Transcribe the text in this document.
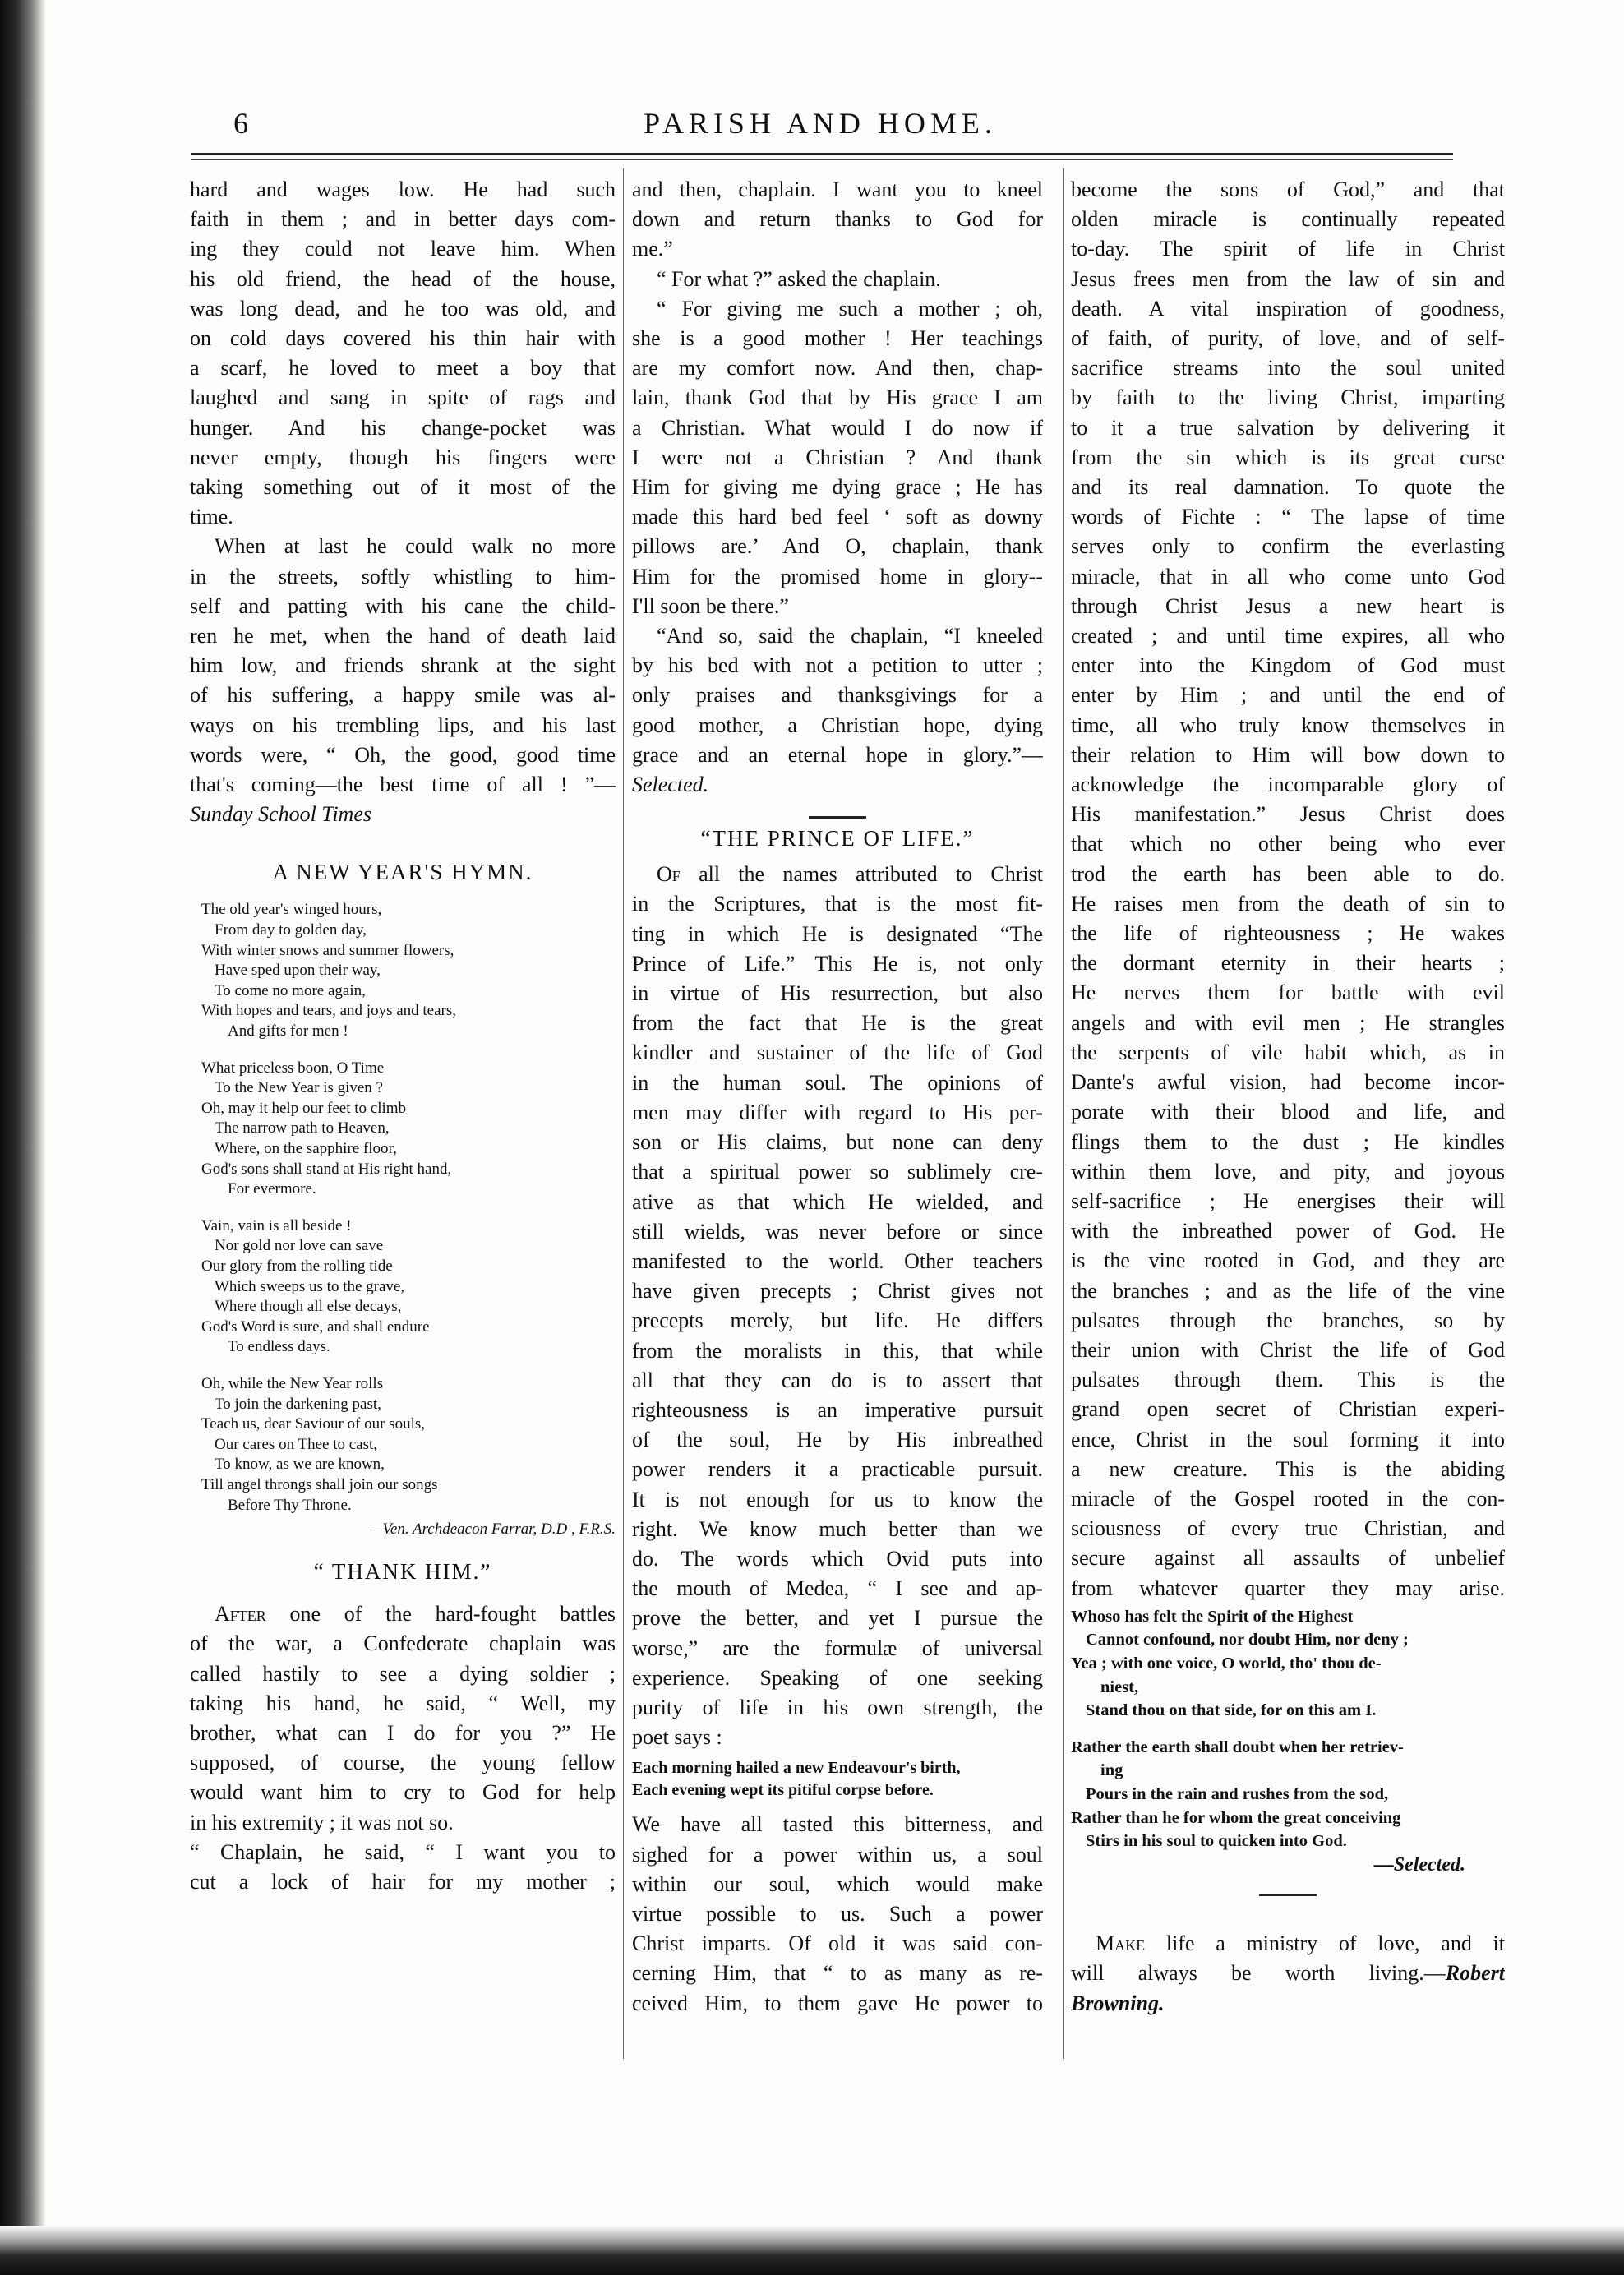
6	PARISH AND HOME.
hard and wages low. He had such
faith in them ; and in better days com-
ing they could not leave him. When
his old friend, the head of the house,
was long dead, and he too was old, and
on cold days covered his thin hair with
a scarf, he loved to meet a boy that
laughed and sang in spite of rags and
hunger. And his change-pocket was
never empty, though his fingers were
taking something out of it most of the
time.
When at last he could walk no more
in the streets, softly whistling to him-
self and patting with his cane the child-
ren he met, when the hand of death laid
him low, and friends shrank at the sight
of his suffering, a happy smile was al-
ways on his trembling lips, and his last
words were, “ Oh, the good, good time
that's coming—the best time of all ! ”—
Sunday School Times
A NEW YEAR'S HYMN.
The old year's winged hours,
From day to golden day,
With winter snows and summer flowers,
Have sped upon their way,
To come no more again,
With hopes and tears, and joys and tears,
And gifts for men !
What priceless boon, O Time
To the New Year is given ?
Oh, may it help our feet to climb
The narrow path to Heaven,
Where, on the sapphire floor,
God's sons shall stand at His right hand,
For evermore.
Vain, vain is all beside !
Nor gold nor love can save
Our glory from the rolling tide
Which sweeps us to the grave,
Where though all else decays,
God's Word is sure, and shall endure
To endless days.
Oh, while the New Year rolls
To join the darkening past,
Teach us, dear Saviour of our souls,
Our cares on Thee to cast,
To know, as we are known,
Till angel throngs shall join our songs
Before Thy Throne.
—Ven. Archdeacon Farrar, D.D , F.R.S.
“ THANK HIM.”
After one of the hard-fought battles
of the war, a Confederate chaplain was
called hastily to see a dying soldier ;
taking his hand, he said, “ Well, my
brother, what can I do for you ?” He
supposed, of course, the young fellow
would want him to cry to God for help
in his extremity ; it was not so.
“ Chaplain, he said, “ I want you to
cut a lock of hair for my mother ;
and then, chaplain. I want you to kneel
down and return thanks to God for
me.”
“ For what ?” asked the chaplain.
“ For giving me such a mother ; oh,
she is a good mother ! Her teachings
are my comfort now. And then, chap-
lain, thank God that by His grace I am
a Christian. What would I do now if
I were not a Christian ? And thank
Him for giving me dying grace ; He has
made this hard bed feel ‘ soft as downy
pillows are.’ And O, chaplain, thank
Him for the promised home in glory--
I'll soon be there.”
“And so, said the chaplain, “I kneeled
by his bed with not a petition to utter ;
only praises and thanksgivings for a
good mother, a Christian hope, dying
grace and an eternal hope in glory.”—
Selected.
“THE PRINCE OF LIFE.”
Of all the names attributed to Christ
in the Scriptures, that is the most fit-
ting in which He is designated “The
Prince of Life.” This He is, not only
in virtue of His resurrection, but also
from the fact that He is the great
kindler and sustainer of the life of God
in the human soul. The opinions of
men may differ with regard to His per-
son or His claims, but none can deny
that a spiritual power so sublimely cre-
ative as that which He wielded, and
still wields, was never before or since
manifested to the world. Other teachers
have given precepts ; Christ gives not
precepts merely, but life. He differs
from the moralists in this, that while
all that they can do is to assert that
righteousness is an imperative pursuit
of the soul, He by His inbreathed
power renders it a practicable pursuit.
It is not enough for us to know the
right. We know much better than we
do. The words which Ovid puts into
the mouth of Medea, “ I see and ap-
prove the better, and yet I pursue the
worse,” are the formulæ of universal
experience. Speaking of one seeking
purity of life in his own strength, the
poet says :
Each morning hailed a new Endeavour's birth,
Each evening wept its pitiful corpse before.
We have all tasted this bitterness, and
sighed for a power within us, a soul
within our soul, which would make
virtue possible to us. Such a power
Christ imparts. Of old it was said con-
cerning Him, that “ to as many as re-
ceived Him, to them gave He power to
become the sons of God,” and that
olden miracle is continually repeated
to-day. The spirit of life in Christ
Jesus frees men from the law of sin and
death. A vital inspiration of goodness,
of faith, of purity, of love, and of self-
sacrifice streams into the soul united
by faith to the living Christ, imparting
to it a true salvation by delivering it
from the sin which is its great curse
and its real damnation. To quote the
words of Fichte : “ The lapse of time
serves only to confirm the everlasting
miracle, that in all who come unto God
through Christ Jesus a new heart is
created ; and until time expires, all who
enter into the Kingdom of God must
enter by Him ; and until the end of
time, all who truly know themselves in
their relation to Him will bow down to
acknowledge the incomparable glory of
His manifestation.” Jesus Christ does
that which no other being who ever
trod the earth has been able to do.
He raises men from the death of sin to
the life of righteousness ; He wakes
the dormant eternity in their hearts ;
He nerves them for battle with evil
angels and with evil men ; He strangles
the serpents of vile habit which, as in
Dante's awful vision, had become incor-
porate with their blood and life, and
flings them to the dust ; He kindles
within them love, and pity, and joyous
self-sacrifice ; He energises their will
with the inbreathed power of God. He
is the vine rooted in God, and they are
the branches ; and as the life of the vine
pulsates through the branches, so by
their union with Christ the life of God
pulsates through them. This is the
grand open secret of Christian experi-
ence, Christ in the soul forming it into
a new creature. This is the abiding
miracle of the Gospel rooted in the con-
sciousness of every true Christian, and
secure against all assaults of unbelief
from whatever quarter they may arise.
Whoso has felt the Spirit of the Highest
Cannot confound, nor doubt Him, nor deny ;
Yea ; with one voice, O world, tho' thou de-
niest,
Stand thou on that side, for on this am I.
Rather the earth shall doubt when her retriev-
ing
Pours in the rain and rushes from the sod,
Rather than he for whom the great conceiving
Stirs in his soul to quicken into God.
—Selected.
Make life a ministry of love, and it
will always be worth living.—Robert
Browning.
